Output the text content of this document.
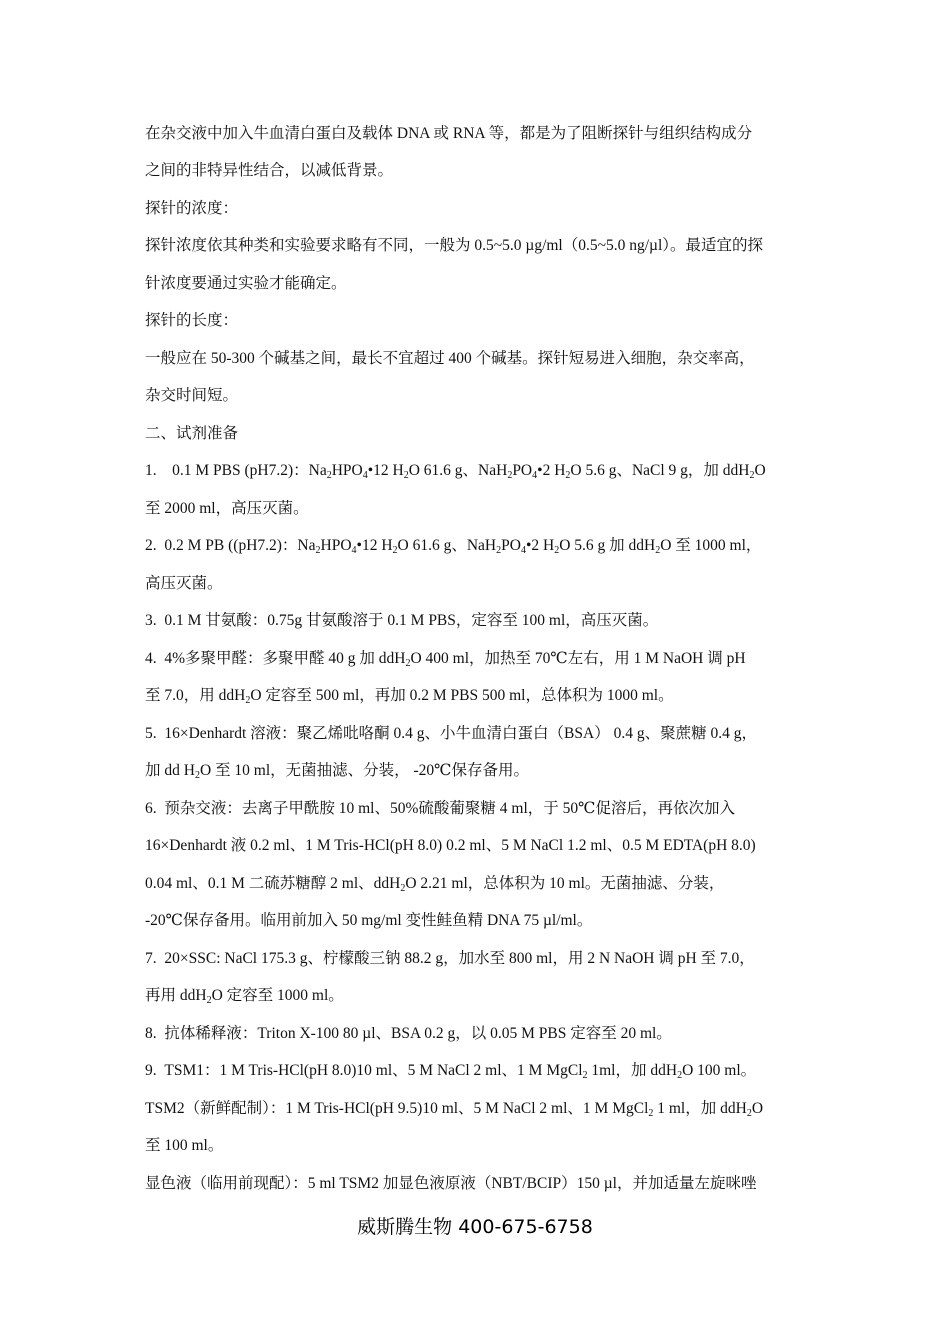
在杂交液中加入牛血清白蛋白及载体 DNA 或 RNA 等，都是为了阻断探针与组织结构成分
之间的非特异性结合，以减低背景。
探针的浓度：
探针浓度依其种类和实验要求略有不同，一般为 0.5~5.0 µg/ml（0.5~5.0 ng/µl）。最适宜的探
针浓度要通过实验才能确定。
探针的长度：
一般应在 50-300 个碱基之间，最长不宜超过 400 个碱基。探针短易进入细胞，杂交率高，
杂交时间短。
二、试剂准备
1. 0.1 M PBS (pH7.2)：$Na_2HPO_4•12$ $H_2O$ 61.6 g、$NaH_2PO_4•2$ $H_2O$ 5.6 g、NaCl 9 g，加 ddH$_2$O
至 2000 ml，高压灭菌。
2. 0.2 M PB ((pH7.2)：$Na_2HPO_4•12$ $H_2O$ 61.6 g、$NaH_2PO_4•2$ $H_2O$ 5.6 g 加 ddH$_2$O 至 1000 ml，
高压灭菌。
3. 0.1 M 甘氨酸：0.75g 甘氨酸溶于 0.1 M PBS，定容至 100 ml，高压灭菌。
4. 4%多聚甲醛：多聚甲醛 40 g 加 ddH$_2$O 400 ml，加热至 70℃左右，用 1 M NaOH 调 pH
至 7.0，用 ddH$_2$O 定容至 500 ml，再加 0.2 M PBS 500 ml，总体积为 1000 ml。
5. 16×Denhardt 溶液：聚乙烯吡咯酮 0.4 g、小牛血清白蛋白（BSA） 0.4 g、聚蔗糖 0.4 g，
加 dd $H_2O$ 至 10 ml，无菌抽滤、分装， -20℃保存备用。
6. 预杂交液：去离子甲酰胺 10 ml、50%硫酸葡聚糖 4 ml，于 50℃促溶后，再依次加入
16×Denhardt 液 0.2 ml、1 M Tris-HCl(pH 8.0) 0.2 ml、5 M NaCl 1.2 ml、0.5 M EDTA(pH 8.0)
0.04 ml、0.1 M 二硫苏糖醇 2 ml、ddH$_2$O 2.21 ml，总体积为 10 ml。无菌抽滤、分装，
-20℃保存备用。临用前加入 50 mg/ml 变性鲑鱼精 DNA 75 µl/ml。
7. 20×SSC: NaCl 175.3 g、柠檬酸三钠 88.2 g，加水至 800 ml，用 2 N NaOH 调 pH 至 7.0，
再用 ddH$_2$O 定容至 1000 ml。
8. 抗体稀释液：Triton X-100 80 µl、BSA 0.2 g，以 0.05 M PBS 定容至 20 ml。
9. TSM1：1 M Tris-HCl(pH 8.0)10 ml、5 M NaCl 2 ml、1 M MgCl$_2$ 1ml，加 ddH$_2$O 100 ml。
TSM2（新鲜配制）：1 M Tris-HCl(pH 9.5)10 ml、5 M NaCl 2 ml、1 M MgCl$_2$ 1 ml，加 ddH$_2$O
至 100 ml。
显色液（临用前现配）：5 ml TSM2 加显色液原液（NBT/BCIP）150 µl，并加适量左旋咪唑
威斯腾生物 400-675-6758
